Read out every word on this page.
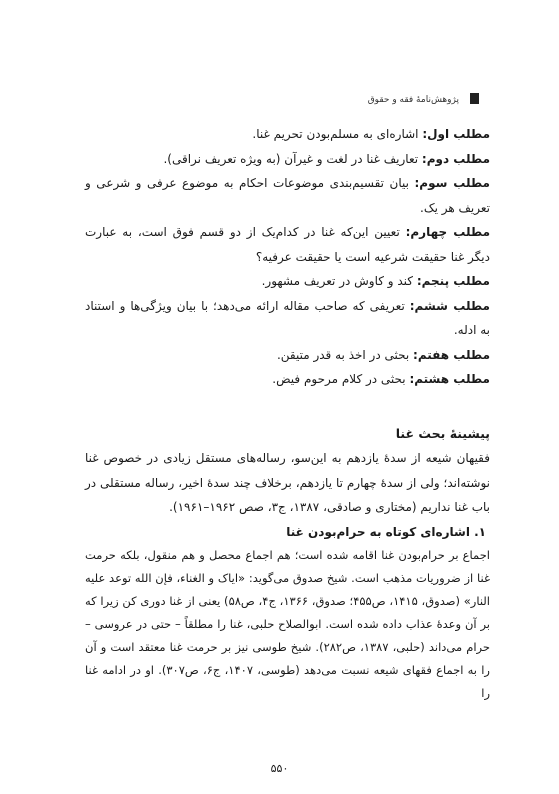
پژوهش‌نامهٔ فقه و حقوق

مطلب اول: اشاره‌ای به مسلم‌بودن تحریم غنا.

مطلب دوم: تعاریف غنا در لغت و غیرآن (به ویژه تعریف نراقی).

مطلب سوم: بیان تقسیم‌بندی موضوعات احکام به موضوع عرفی و شرعی و تعریف هر یک.

مطلب چهارم: تعیین این‌که غنا در کدام‌یک از دو قسم فوق است، به عبارت دیگر غنا حقیقت شرعیه است یا حقیقت عرفیه؟

مطلب پنجم: کند و کاوش در تعریف مشهور.

مطلب ششم: تعریفی که صاحب مقاله ارائه می‌دهد؛ با بیان ویژگی‌ها و استناد به ادله.

مطلب هفتم: بحثی در اخذ به قدر متیقن.

مطلب هشتم: بحثی در کلام مرحوم فیض.

پیشینهٔ بحث غنا

فقیهان شیعه از سدهٔ یازدهم به این‌سو، رساله‌های مستقل زیادی در خصوص غنا نوشته‌اند؛ ولی از سدهٔ چهارم تا یازدهم، برخلاف چند سدهٔ اخیر، رساله مستقلی در باب غنا نداریم (مختاری و صادقی، ۱۳۸۷، ج۳، صص ۱۹۶۲–۱۹۶۱).

۱. اشاره‌ای کوتاه به حرام‌بودن غنا

اجماع بر حرام‌بودن غنا اقامه شده است؛ هم اجماع محصل و هم منقول، بلکه حرمت غنا از ضروریات مذهب است. شیخ صدوق می‌گوید: «ایاک و الغناء، فإن الله توعد علیه النار» (صدوق، ۱۴۱۵، ص۴۵۵؛ صدوق، ۱۳۶۶، ج۴، ص۵۸) یعنی از غنا دوری کن زیرا که بر آن وعدهٔ عذاب داده شده است. ابوالصلاح حلبی، غنا را مطلقاً – حتی در عروسی – حرام می‌داند (حلبی، ۱۳۸۷، ص۲۸۲). شیخ طوسی نیز بر حرمت غنا معتقد است و آن را به اجماع فقهای شیعه نسبت می‌دهد (طوسی، ۱۴۰۷، ج۶، ص۳۰۷). او در ادامه غنا را

۵۵۰
